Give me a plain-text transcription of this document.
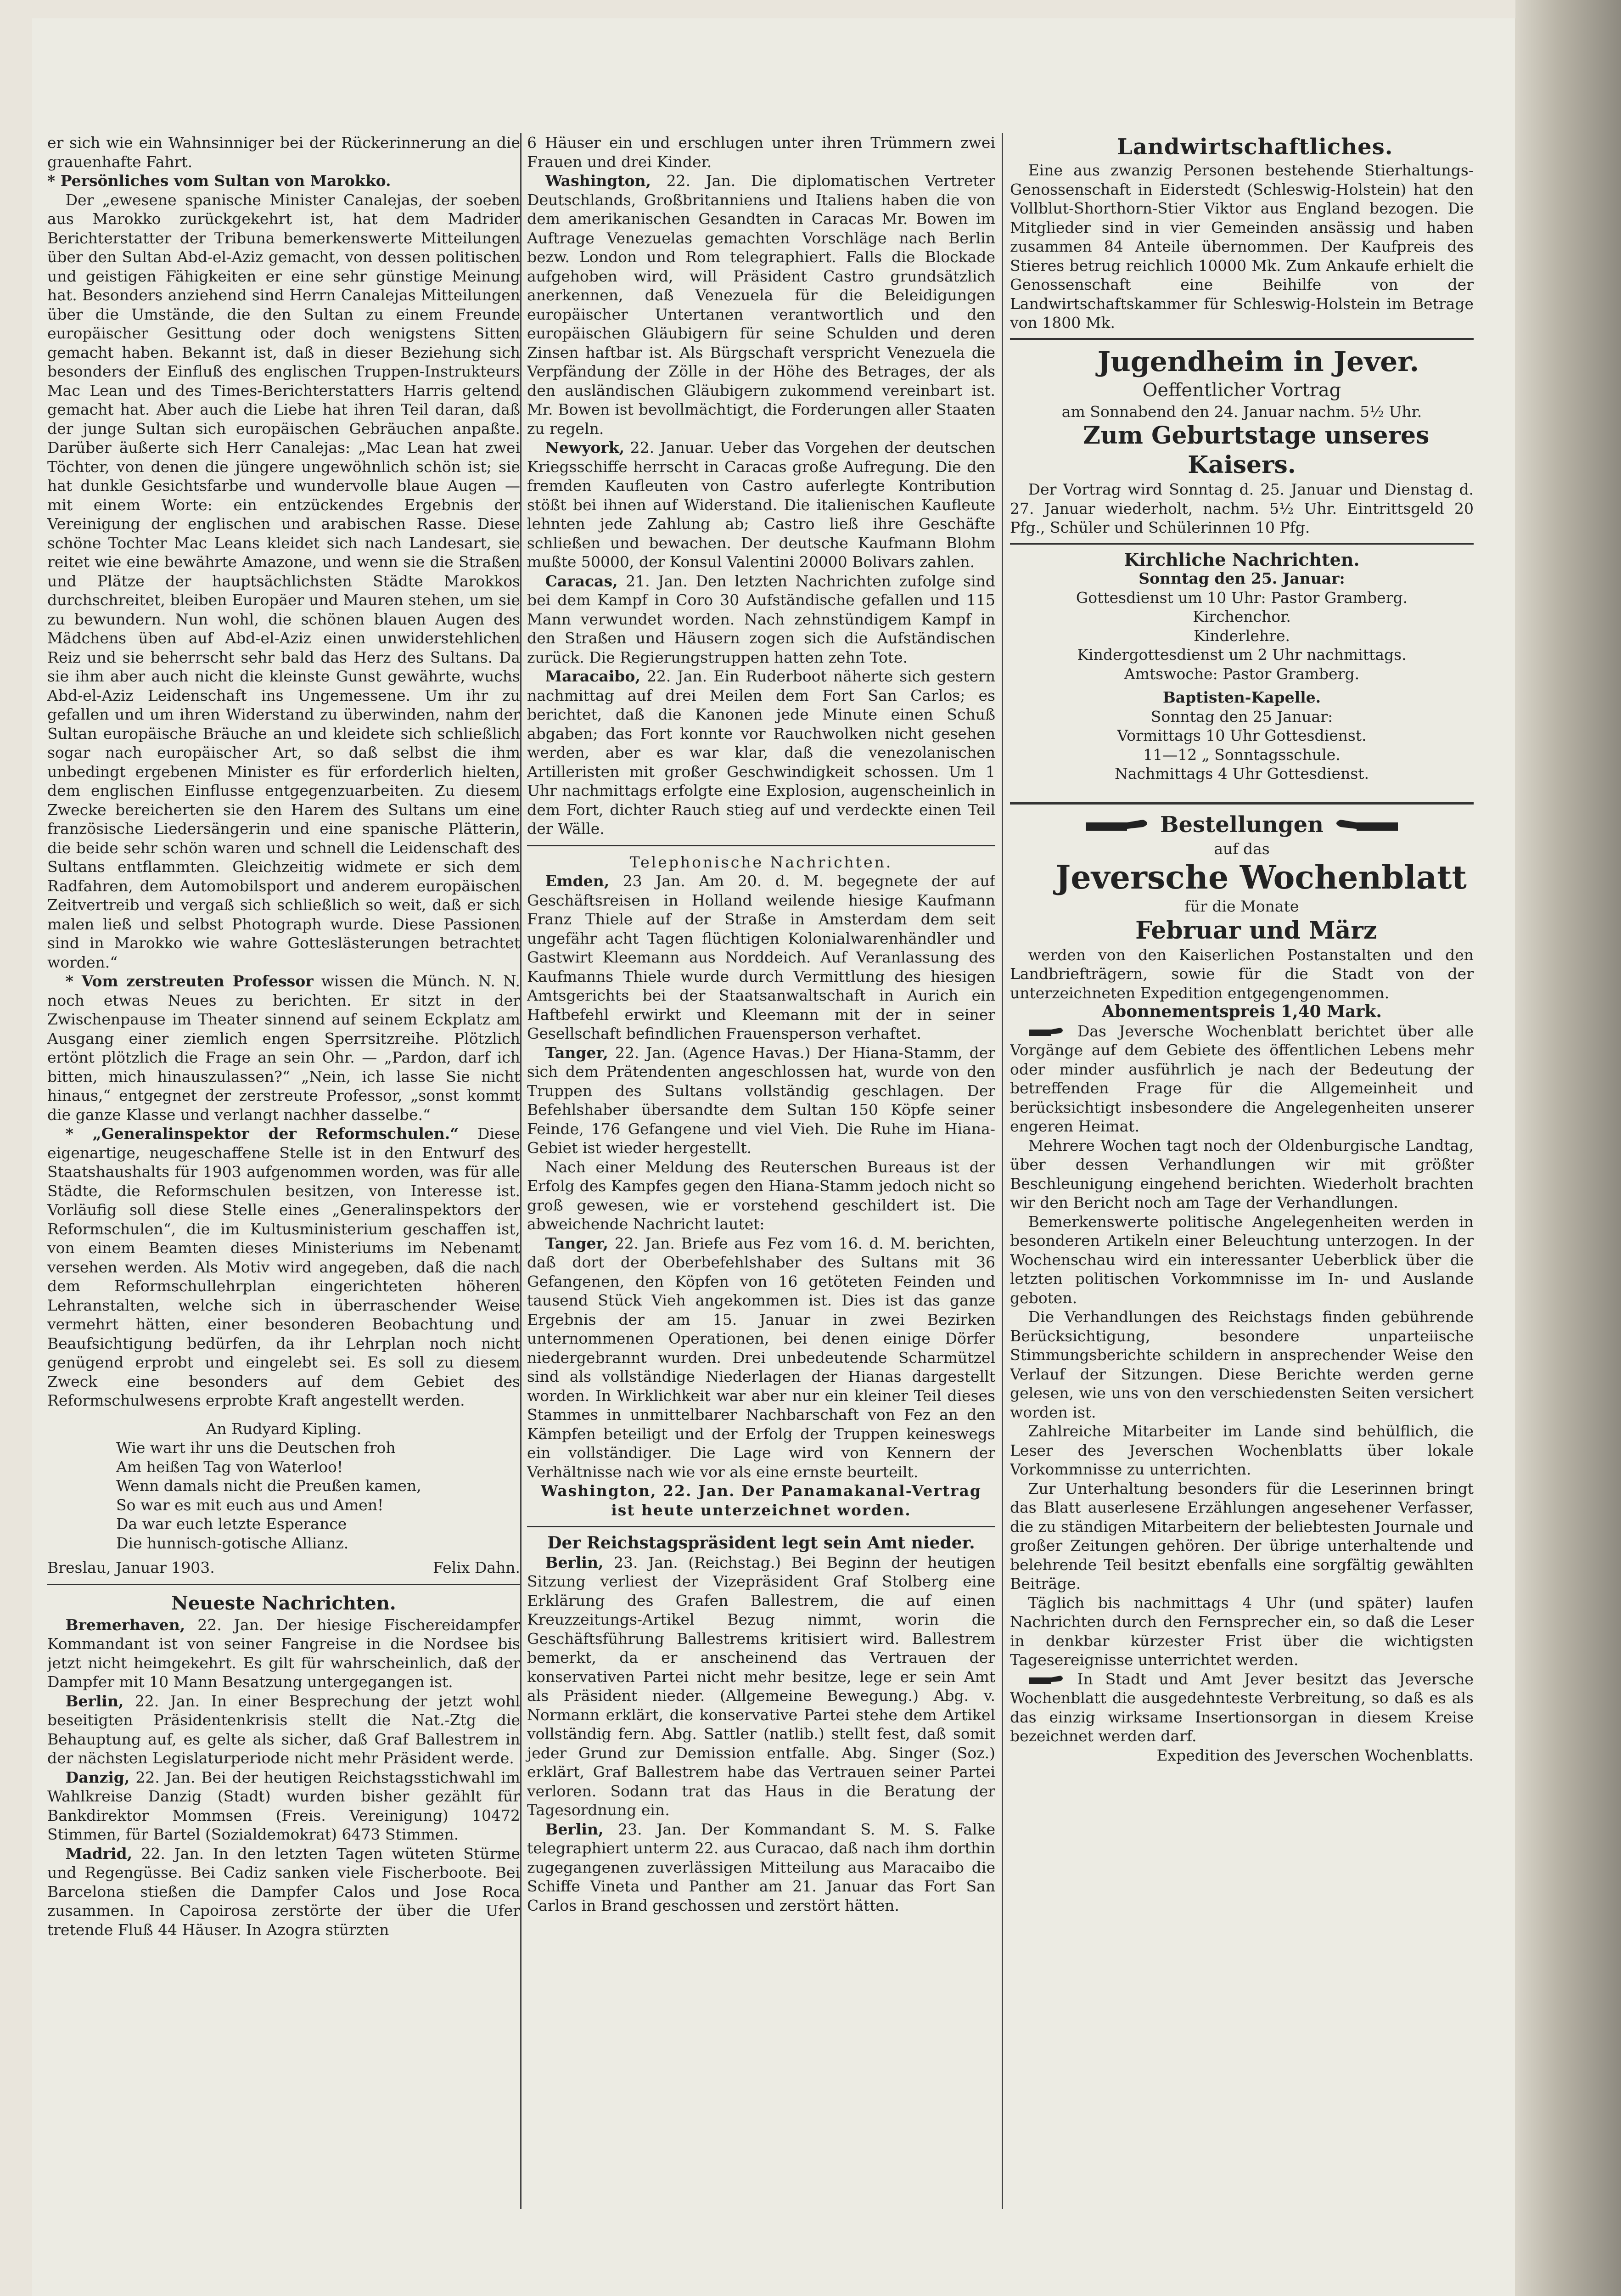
er sich wie ein Wahnsinniger bei der Rückerinnerung an die grauenhafte Fahrt.

* Persönliches vom Sultan von Marokko.

Der „ewesene spanische Minister Canalejas, der soeben aus Marokko zurückgekehrt ist, hat dem Madrider Berichterstatter der Tribuna bemerkenswerte Mitteilungen über den Sultan Abd-el-Aziz gemacht, von dessen politischen und geistigen Fähigkeiten er eine sehr günstige Meinung hat. Besonders anziehend sind Herrn Canalejas Mitteilungen über die Umstände, die den Sultan zu einem Freunde europäischer Gesittung oder doch wenigstens Sitten gemacht haben. Bekannt ist, daß in dieser Beziehung sich besonders der Einfluß des englischen Truppen-Instrukteurs Mac Lean und des Times-Berichterstatters Harris geltend gemacht hat. Aber auch die Liebe hat ihren Teil daran, daß der junge Sultan sich europäischen Gebräuchen anpaßte. Darüber äußerte sich Herr Canalejas: „Mac Lean hat zwei Töchter, von denen die jüngere ungewöhnlich schön ist; sie hat dunkle Gesichtsfarbe und wundervolle blaue Augen — mit einem Worte: ein entzückendes Ergebnis der Vereinigung der englischen und arabischen Rasse. Diese schöne Tochter Mac Leans kleidet sich nach Landesart, sie reitet wie eine bewährte Amazone, und wenn sie die Straßen und Plätze der hauptsächlichsten Städte Marokkos durchschreitet, bleiben Europäer und Mauren stehen, um sie zu bewundern. Nun wohl, die schönen blauen Augen des Mädchens üben auf Abd-el-Aziz einen unwiderstehlichen Reiz und sie beherrscht sehr bald das Herz des Sultans. Da sie ihm aber auch nicht die kleinste Gunst gewährte, wuchs Abd-el-Aziz Leidenschaft ins Ungemessene. Um ihr zu gefallen und um ihren Widerstand zu überwinden, nahm der Sultan europäische Bräuche an und kleidete sich schließlich sogar nach europäischer Art, so daß selbst die ihm unbedingt ergebenen Minister es für erforderlich hielten, dem englischen Einflusse entgegenzuarbeiten. Zu diesem Zwecke bereicherten sie den Harem des Sultans um eine französische Liedersängerin und eine spanische Plätterin, die beide sehr schön waren und schnell die Leidenschaft des Sultans entflammten. Gleichzeitig widmete er sich dem Radfahren, dem Automobilsport und anderem europäischen Zeitvertreib und vergaß sich schließlich so weit, daß er sich malen ließ und selbst Photograph wurde. Diese Passionen sind in Marokko wie wahre Gotteslästerungen betrachtet worden.“

* Vom zerstreuten Professor wissen die Münch. N. N. noch etwas Neues zu berichten. Er sitzt in der Zwischenpause im Theater sinnend auf seinem Eckplatz am Ausgang einer ziemlich engen Sperrsitzreihe. Plötzlich ertönt plötzlich die Frage an sein Ohr. — „Pardon, darf ich bitten, mich hinauszulassen?“ „Nein, ich lasse Sie nicht hinaus,“ entgegnet der zerstreute Professor, „sonst kommt die ganze Klasse und verlangt nachher dasselbe.“

* „Generalinspektor der Reformschulen.“ Diese eigenartige, neugeschaffene Stelle ist in den Entwurf des Staatshaushalts für 1903 aufgenommen worden, was für alle Städte, die Reformschulen besitzen, von Interesse ist. Vorläufig soll diese Stelle eines „Generalinspektors der Reformschulen“, die im Kultusministerium geschaffen ist, von einem Beamten dieses Ministeriums im Nebenamt versehen werden. Als Motiv wird angegeben, daß die nach dem Reformschullehrplan eingerichteten höheren Lehranstalten, welche sich in überraschender Weise vermehrt hätten, einer besonderen Beobachtung und Beaufsichtigung bedürfen, da ihr Lehrplan noch nicht genügend erprobt und eingelebt sei. Es soll zu diesem Zweck eine besonders auf dem Gebiet des Reformschulwesens erprobte Kraft angestellt werden.

An Rudyard Kipling.

Wie wart ihr uns die Deutschen froh

Am heißen Tag von Waterloo!

Wenn damals nicht die Preußen kamen,

So war es mit euch aus und Amen!

Da war euch letzte Esperance

Die hunnisch-gotische Allianz.

Breslau, Januar 1903.	Felix Dahn.

Neueste Nachrichten.

Bremerhaven, 22. Jan. Der hiesige Fischereidampfer Kommandant ist von seiner Fangreise in die Nordsee bis jetzt nicht heimgekehrt. Es gilt für wahrscheinlich, daß der Dampfer mit 10 Mann Besatzung untergegangen ist.

Berlin, 22. Jan. In einer Besprechung der jetzt wohl beseitigten Präsidentenkrisis stellt die Nat.-Ztg die Behauptung auf, es gelte als sicher, daß Graf Ballestrem in der nächsten Legislaturperiode nicht mehr Präsident werde.

Danzig, 22. Jan. Bei der heutigen Reichstagsstichwahl im Wahlkreise Danzig (Stadt) wurden bisher gezählt für Bankdirektor Mommsen (Freis. Vereinigung) 10472 Stimmen, für Bartel (Sozialdemokrat) 6473 Stimmen.

Madrid, 22. Jan. In den letzten Tagen wüteten Stürme und Regengüsse. Bei Cadiz sanken viele Fischerboote. Bei Barcelona stießen die Dampfer Calos und Jose Roca zusammen. In Capoirosa zerstörte der über die Ufer tretende Fluß 44 Häuser. In Azogra stürzten

6 Häuser ein und erschlugen unter ihren Trümmern zwei Frauen und drei Kinder.

Washington, 22. Jan. Die diplomatischen Vertreter Deutschlands, Großbritanniens und Italiens haben die von dem amerikanischen Gesandten in Caracas Mr. Bowen im Auftrage Venezuelas gemachten Vorschläge nach Berlin bezw. London und Rom telegraphiert. Falls die Blockade aufgehoben wird, will Präsident Castro grundsätzlich anerkennen, daß Venezuela für die Beleidigungen europäischer Untertanen verantwortlich und den europäischen Gläubigern für seine Schulden und deren Zinsen haftbar ist. Als Bürgschaft verspricht Venezuela die Verpfändung der Zölle in der Höhe des Betrages, der als den ausländischen Gläubigern zukommend vereinbart ist. Mr. Bowen ist bevollmächtigt, die Forderungen aller Staaten zu regeln.

Newyork, 22. Januar. Ueber das Vorgehen der deutschen Kriegsschiffe herrscht in Caracas große Aufregung. Die den fremden Kaufleuten von Castro auferlegte Kontribution stößt bei ihnen auf Widerstand. Die italienischen Kaufleute lehnten jede Zahlung ab; Castro ließ ihre Geschäfte schließen und bewachen. Der deutsche Kaufmann Blohm mußte 50000, der Konsul Valentini 20000 Bolivars zahlen.

Caracas, 21. Jan. Den letzten Nachrichten zufolge sind bei dem Kampf in Coro 30 Aufständische gefallen und 115 Mann verwundet worden. Nach zehnstündigem Kampf in den Straßen und Häusern zogen sich die Aufständischen zurück. Die Regierungstruppen hatten zehn Tote.

Maracaibo, 22. Jan. Ein Ruderboot näherte sich gestern nachmittag auf drei Meilen dem Fort San Carlos; es berichtet, daß die Kanonen jede Minute einen Schuß abgaben; das Fort konnte vor Rauchwolken nicht gesehen werden, aber es war klar, daß die venezolanischen Artilleristen mit großer Geschwindigkeit schossen. Um 1 Uhr nachmittags erfolgte eine Explosion, augenscheinlich in dem Fort, dichter Rauch stieg auf und verdeckte einen Teil der Wälle.

Telephonische Nachrichten.

Emden, 23 Jan. Am 20. d. M. begegnete der auf Geschäftsreisen in Holland weilende hiesige Kaufmann Franz Thiele auf der Straße in Amsterdam dem seit ungefähr acht Tagen flüchtigen Kolonialwarenhändler und Gastwirt Kleemann aus Norddeich. Auf Veranlassung des Kaufmanns Thiele wurde durch Vermittlung des hiesigen Amtsgerichts bei der Staatsanwaltschaft in Aurich ein Haftbefehl erwirkt und Kleemann mit der in seiner Gesellschaft befindlichen Frauensperson verhaftet.

Tanger, 22. Jan. (Agence Havas.) Der Hiana-Stamm, der sich dem Prätendenten angeschlossen hat, wurde von den Truppen des Sultans vollständig geschlagen. Der Befehlshaber übersandte dem Sultan 150 Köpfe seiner Feinde, 176 Gefangene und viel Vieh. Die Ruhe im Hiana-Gebiet ist wieder hergestellt.

Nach einer Meldung des Reuterschen Bureaus ist der Erfolg des Kampfes gegen den Hiana-Stamm jedoch nicht so groß gewesen, wie er vorstehend geschildert ist. Die abweichende Nachricht lautet:

Tanger, 22. Jan. Briefe aus Fez vom 16. d. M. berichten, daß dort der Oberbefehlshaber des Sultans mit 36 Gefangenen, den Köpfen von 16 getöteten Feinden und tausend Stück Vieh angekommen ist. Dies ist das ganze Ergebnis der am 15. Januar in zwei Bezirken unternommenen Operationen, bei denen einige Dörfer niedergebrannt wurden. Drei unbedeutende Scharmützel sind als vollständige Niederlagen der Hianas dargestellt worden. In Wirklichkeit war aber nur ein kleiner Teil dieses Stammes in unmittelbarer Nachbarschaft von Fez an den Kämpfen beteiligt und der Erfolg der Truppen keineswegs ein vollständiger. Die Lage wird von Kennern der Verhältnisse nach wie vor als eine ernste beurteilt.

Washington, 22. Jan. Der Panamakanal-Vertrag ist heute unterzeichnet worden.

Der Reichstagspräsident legt sein Amt nieder.

Berlin, 23. Jan. (Reichstag.) Bei Beginn der heutigen Sitzung verliest der Vizepräsident Graf Stolberg eine Erklärung des Grafen Ballestrem, die auf einen Kreuzzeitungs-Artikel Bezug nimmt, worin die Geschäftsführung Ballestrems kritisiert wird. Ballestrem bemerkt, da er anscheinend das Vertrauen der konservativen Partei nicht mehr besitze, lege er sein Amt als Präsident nieder. (Allgemeine Bewegung.) Abg. v. Normann erklärt, die konservative Partei stehe dem Artikel vollständig fern. Abg. Sattler (natlib.) stellt fest, daß somit jeder Grund zur Demission entfalle. Abg. Singer (Soz.) erklärt, Graf Ballestrem habe das Vertrauen seiner Partei verloren. Sodann trat das Haus in die Beratung der Tagesordnung ein.

Berlin, 23. Jan. Der Kommandant S. M. S. Falke telegraphiert unterm 22. aus Curacao, daß nach ihm dorthin zugegangenen zuverlässigen Mitteilung aus Maracaibo die Schiffe Vineta und Panther am 21. Januar das Fort San Carlos in Brand geschossen und zerstört hätten.

Landwirtschaftliches.

Eine aus zwanzig Personen bestehende Stierhaltungs-Genossenschaft in Eiderstedt (Schleswig-Holstein) hat den Vollblut-Shorthorn-Stier Viktor aus England bezogen. Die Mitglieder sind in vier Gemeinden ansässig und haben zusammen 84 Anteile übernommen. Der Kaufpreis des Stieres betrug reichlich 10000 Mk. Zum Ankaufe erhielt die Genossenschaft eine Beihilfe von der Landwirtschaftskammer für Schleswig-Holstein im Betrage von 1800 Mk.

Jugendheim in Jever.

Oeffentlicher Vortrag

am Sonnabend den 24. Januar nachm. 5½ Uhr.

Zum Geburtstage unseres Kaisers.

Der Vortrag wird Sonntag d. 25. Januar und Dienstag d. 27. Januar wiederholt, nachm. 5½ Uhr. Eintrittsgeld 20 Pfg., Schüler und Schülerinnen 10 Pfg.

Kirchliche Nachrichten.

Sonntag den 25. Januar:

Gottesdienst um 10 Uhr: Pastor Gramberg.

Kirchenchor.

Kinderlehre.

Kindergottesdienst um 2 Uhr nachmittags.

Amtswoche: Pastor Gramberg.

Baptisten-Kapelle.

Sonntag den 25 Januar:

Vormittags 10 Uhr Gottesdienst.

11—12 „ Sonntagsschule.

Nachmittags 4 Uhr Gottesdienst.

Bestellungen

auf das

Jeversche Wochenblatt

für die Monate

Februar und März

werden von den Kaiserlichen Postanstalten und den Landbriefträgern, sowie für die Stadt von der unterzeichneten Expedition entgegengenommen.

Abonnementspreis 1,40 Mark.

Das Jeversche Wochenblatt berichtet über alle Vorgänge auf dem Gebiete des öffentlichen Lebens mehr oder minder ausführlich je nach der Bedeutung der betreffenden Frage für die Allgemeinheit und berücksichtigt insbesondere die Angelegenheiten unserer engeren Heimat.

Mehrere Wochen tagt noch der Oldenburgische Landtag, über dessen Verhandlungen wir mit größter Beschleunigung eingehend berichten. Wiederholt brachten wir den Bericht noch am Tage der Verhandlungen.

Bemerkenswerte politische Angelegenheiten werden in besonderen Artikeln einer Beleuchtung unterzogen. In der Wochenschau wird ein interessanter Ueberblick über die letzten politischen Vorkommnisse im In- und Auslande geboten.

Die Verhandlungen des Reichstags finden gebührende Berücksichtigung, besondere unparteiische Stimmungsberichte schildern in ansprechender Weise den Verlauf der Sitzungen. Diese Berichte werden gerne gelesen, wie uns von den verschiedensten Seiten versichert worden ist.

Zahlreiche Mitarbeiter im Lande sind behülflich, die Leser des Jeverschen Wochenblatts über lokale Vorkommnisse zu unterrichten.

Zur Unterhaltung besonders für die Leserinnen bringt das Blatt auserlesene Erzählungen angesehener Verfasser, die zu ständigen Mitarbeitern der beliebtesten Journale und großer Zeitungen gehören. Der übrige unterhaltende und belehrende Teil besitzt ebenfalls eine sorgfältig gewählten Beiträge.

Täglich bis nachmittags 4 Uhr (und später) laufen Nachrichten durch den Fernsprecher ein, so daß die Leser in denkbar kürzester Frist über die wichtigsten Tagesereignisse unterrichtet werden.

In Stadt und Amt Jever besitzt das Jeversche Wochenblatt die ausgedehnteste Verbreitung, so daß es als das einzig wirksame Insertionsorgan in diesem Kreise bezeichnet werden darf.

Expedition des Jeverschen Wochenblatts.
